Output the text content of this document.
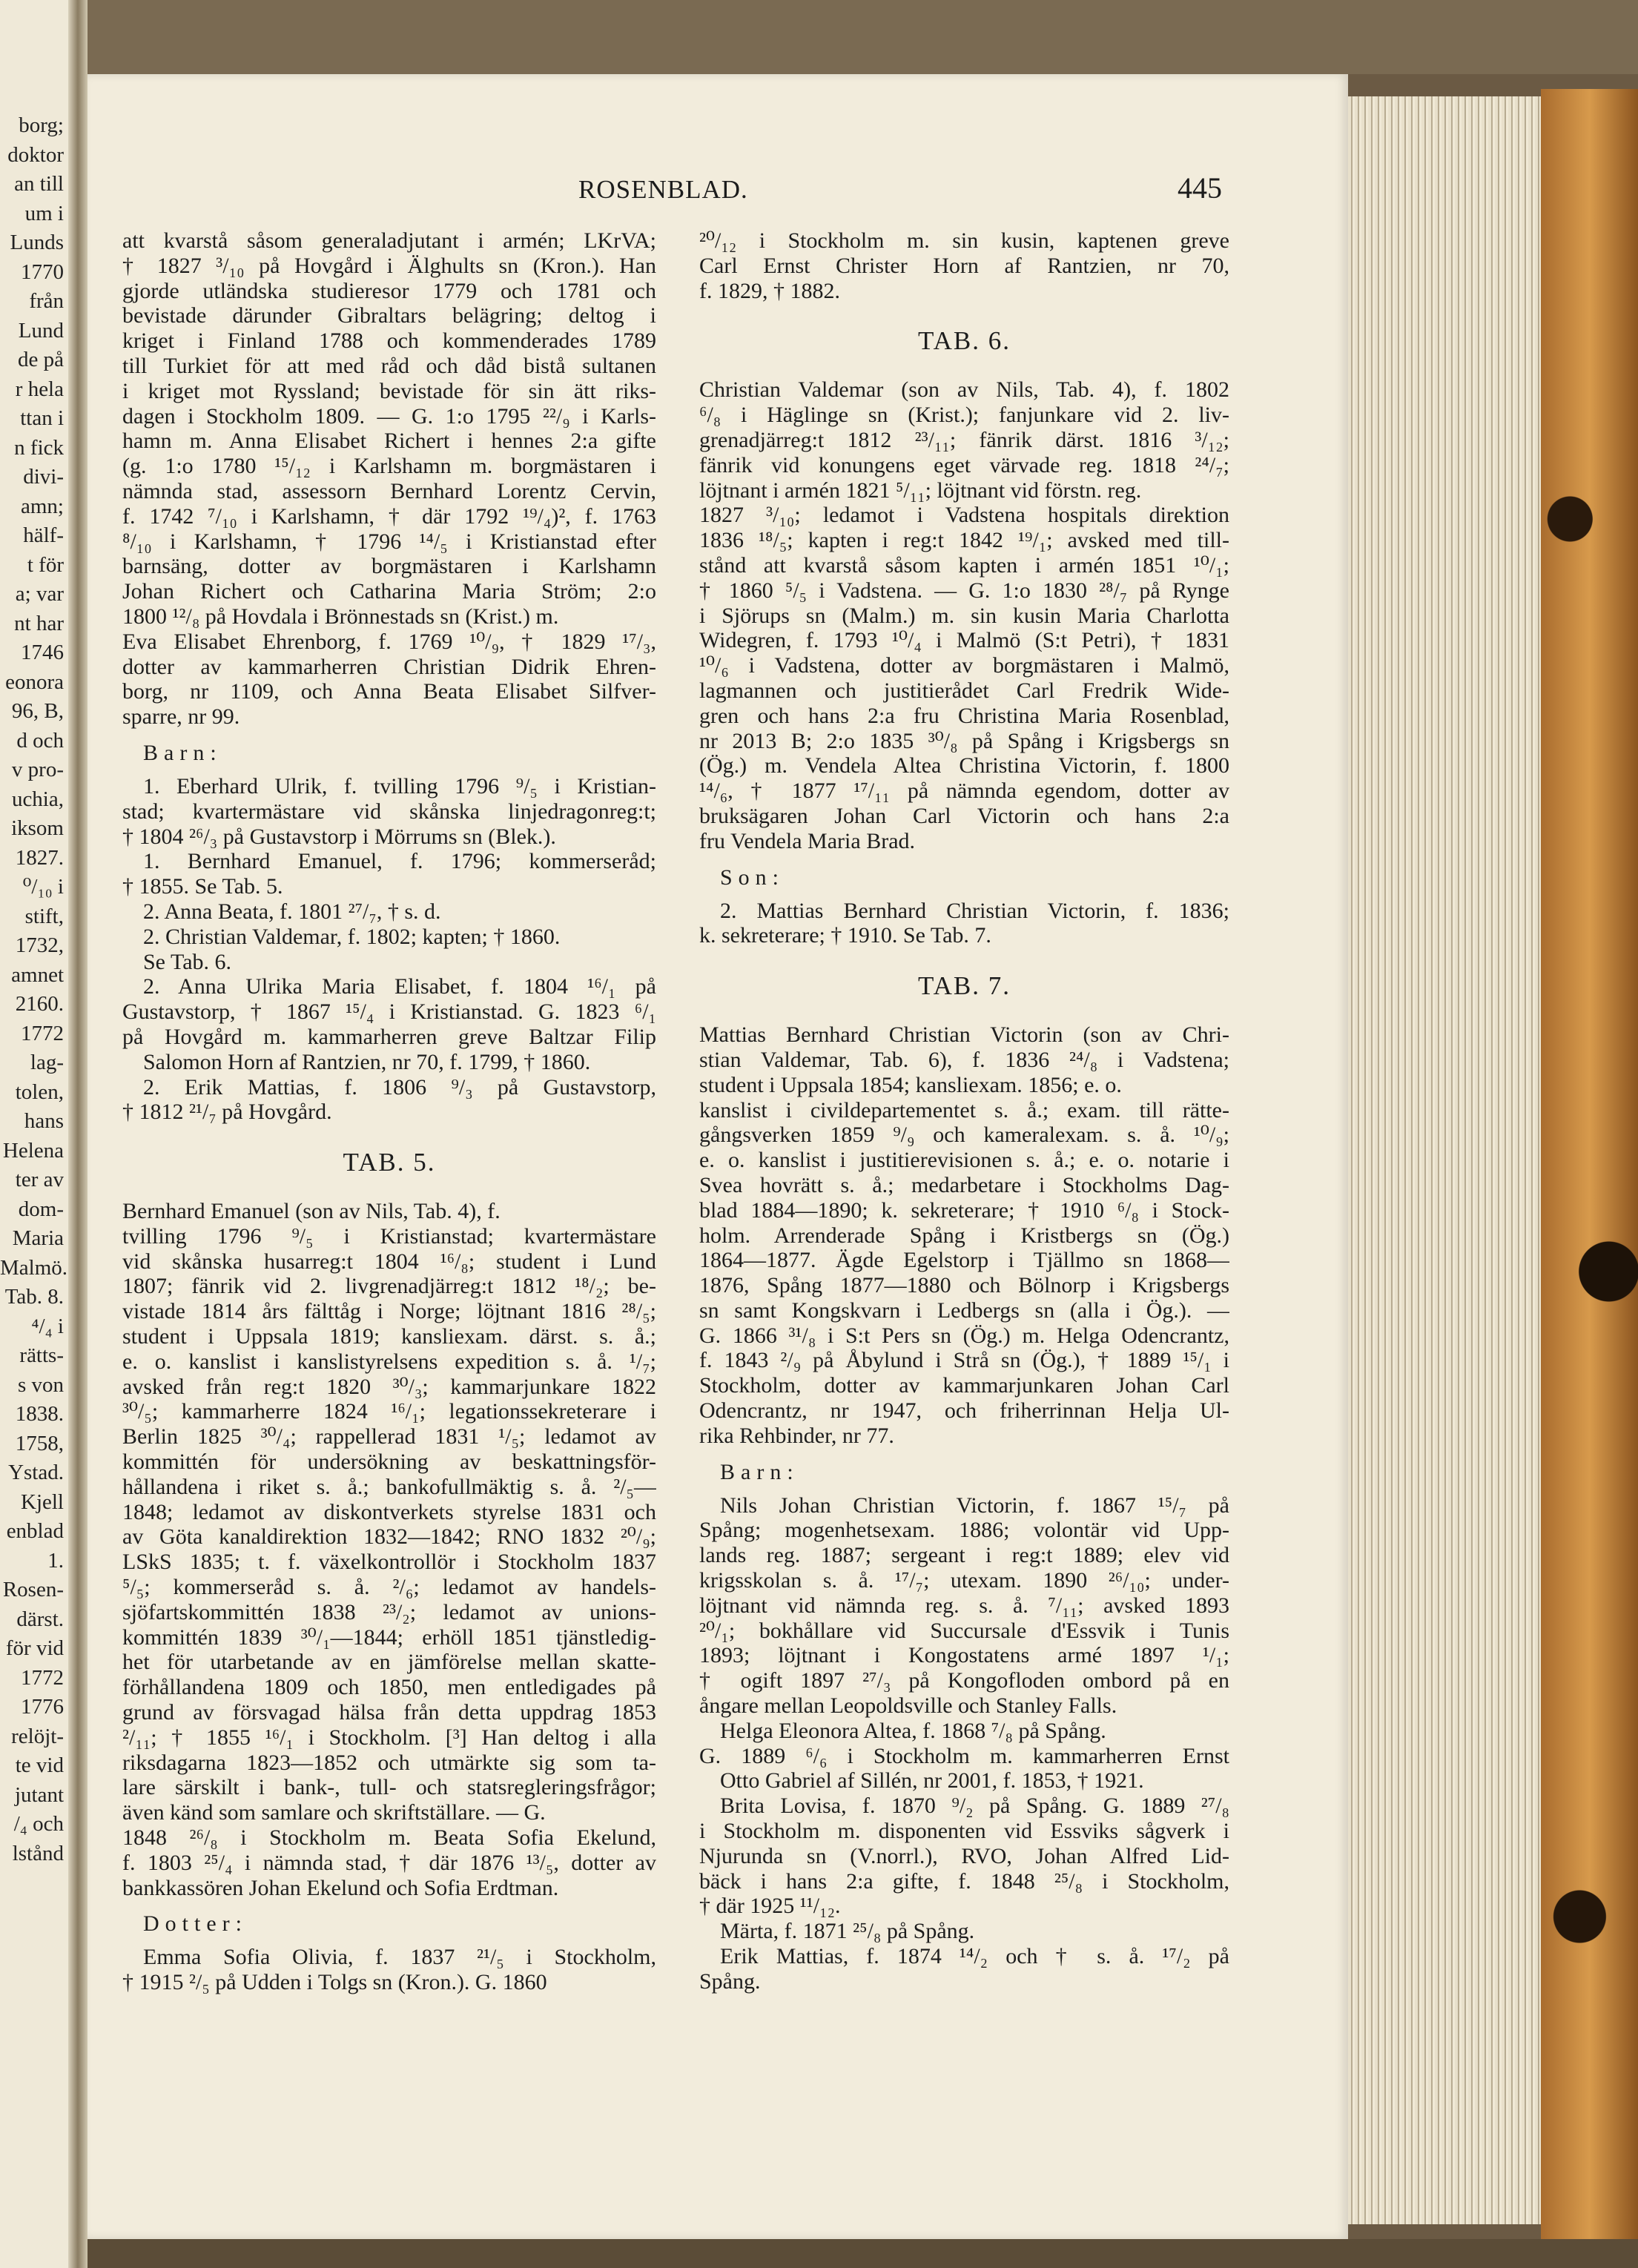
borg;
doktor
an till
um i
Lunds
1770
från
Lund
de på
r hela
ttan i
n fick
divi-
amn;
hälf-
t för
a; var
nt har
1746
eonora
96, B,
d och
v pro-
uchia,
iksom
1827.
⁰/₁₀ i
stift,
1732,
amnet
2160.
1772
lag-
tolen,
hans
Helena
ter av
dom-
Maria
Malmö.
Tab. 8.
⁴/₄ i
rätts-
s von
1838.
1758,
Ystad.
Kjell
enblad
1.
Rosen-
därst.
för vid
1772
1776
relöjt-
te vid
jutant
/₄ och
lstånd
ROSENBLAD.	445
att kvarstå såsom generaladjutant i armén; LKrVA;
† 1827 ³/₁₀ på Hovgård i Älghults sn (Kron.). Han
gjorde utländska studieresor 1779 och 1781 och
bevistade därunder Gibraltars belägring; deltog i
kriget i Finland 1788 och kommenderades 1789
till Turkiet för att med råd och dåd bistå sultanen
i kriget mot Ryssland; bevistade för sin ätt riks-
dagen i Stockholm 1809. — G. 1:o 1795 ²²/₉ i Karls-
hamn m. Anna Elisabet Richert i hennes 2:a gifte
(g. 1:o 1780 ¹⁵/₁₂ i Karlshamn m. borgmästaren i
nämnda stad, assessorn Bernhard Lorentz Cervin,
f. 1742 ⁷/₁₀ i Karlshamn, † där 1792 ¹⁹/₄)², f. 1763
⁸/₁₀ i Karlshamn, † 1796 ¹⁴/₅ i Kristianstad efter
barnsäng, dotter av borgmästaren i Karlshamn
Johan Richert och Catharina Maria Ström; 2:o
1800 ¹²/₈ på Hovdala i Brönnestads sn (Krist.) m.
Eva Elisabet Ehrenborg, f. 1769 ¹⁰/₉, † 1829 ¹⁷/₃,
dotter av kammarherren Christian Didrik Ehren-
borg, nr 1109, och Anna Beata Elisabet Silfver-
sparre, nr 99.
Barn:
1. Eberhard Ulrik, f. tvilling 1796 ⁹/₅ i Kristian-
stad; kvartermästare vid skånska linjedragonreg:t;
† 1804 ²⁶/₃ på Gustavstorp i Mörrums sn (Blek.).
1. Bernhard Emanuel, f. 1796; kommerseråd;
† 1855. Se Tab. 5.
2. Anna Beata, f. 1801 ²⁷/₇, † s. d.
2. Christian Valdemar, f. 1802; kapten; † 1860.
Se Tab. 6.
2. Anna Ulrika Maria Elisabet, f. 1804 ¹⁶/₁ på
Gustavstorp, † 1867 ¹⁵/₄ i Kristianstad. G. 1823 ⁶/₁
på Hovgård m. kammarherren greve Baltzar Filip
Salomon Horn af Rantzien, nr 70, f. 1799, † 1860.
2. Erik Mattias, f. 1806 ⁹/₃ på Gustavstorp,
† 1812 ²¹/₇ på Hovgård.
TAB. 5.
Bernhard Emanuel (son av Nils, Tab. 4), f.
tvilling 1796 ⁹/₅ i Kristianstad; kvartermästare
vid skånska husarreg:t 1804 ¹⁶/₈; student i Lund
1807; fänrik vid 2. livgrenadjärreg:t 1812 ¹⁸/₂; be-
vistade 1814 års fälttåg i Norge; löjtnant 1816 ²⁸/₅;
student i Uppsala 1819; kansliexam. därst. s. å.;
e. o. kanslist i kanslistyrelsens expedition s. å. ¹/₇;
avsked från reg:t 1820 ³⁰/₃; kammarjunkare 1822
³⁰/₅; kammarherre 1824 ¹⁶/₁; legationssekreterare i
Berlin 1825 ³⁰/₄; rappellerad 1831 ¹/₅; ledamot av
kommittén för undersökning av beskattningsför-
hållandena i riket s. å.; bankofullmäktig s. å. ²/₅—
1848; ledamot av diskontverkets styrelse 1831 och
av Göta kanaldirektion 1832—1842; RNO 1832 ²⁰/₉;
LSkS 1835; t. f. växelkontrollör i Stockholm 1837
⁵/₅; kommerseråd s. å. ²/₆; ledamot av handels-
sjöfartskommittén 1838 ²³/₂; ledamot av unions-
kommittén 1839 ³⁰/₁—1844; erhöll 1851 tjänstledig-
het för utarbetande av en jämförelse mellan skatte-
förhållandena 1809 och 1850, men entledigades på
grund av försvagad hälsa från detta uppdrag 1853
²/₁₁; † 1855 ¹⁶/₁ i Stockholm. [³] Han deltog i alla
riksdagarna 1823—1852 och utmärkte sig som ta-
lare särskilt i bank-, tull- och statsregleringsfrågor;
även känd som samlare och skriftställare. — G.
1848 ²⁶/₈ i Stockholm m. Beata Sofia Ekelund,
f. 1803 ²⁵/₄ i nämnda stad, † där 1876 ¹³/₅, dotter av
bankkassören Johan Ekelund och Sofia Erdtman.
Dotter:
Emma Sofia Olivia, f. 1837 ²¹/₅ i Stockholm,
† 1915 ²/₅ på Udden i Tolgs sn (Kron.). G. 1860
²⁰/₁₂ i Stockholm m. sin kusin, kaptenen greve
Carl Ernst Christer Horn af Rantzien, nr 70,
f. 1829, † 1882.
TAB. 6.
Christian Valdemar (son av Nils, Tab. 4), f. 1802
⁶/₈ i Häglinge sn (Krist.); fanjunkare vid 2. liv-
grenadjärreg:t 1812 ²³/₁₁; fänrik därst. 1816 ³/₁₂;
fänrik vid konungens eget värvade reg. 1818 ²⁴/₇;
löjtnant i armén 1821 ⁵/₁₁; löjtnant vid förstn. reg.
1827 ³/₁₀; ledamot i Vadstena hospitals direktion
1836 ¹⁸/₅; kapten i reg:t 1842 ¹⁹/₁; avsked med till-
stånd att kvarstå såsom kapten i armén 1851 ¹⁰/₁;
† 1860 ⁵/₅ i Vadstena. — G. 1:o 1830 ²⁸/₇ på Rynge
i Sjörups sn (Malm.) m. sin kusin Maria Charlotta
Widegren, f. 1793 ¹⁰/₄ i Malmö (S:t Petri), † 1831
¹⁰/₆ i Vadstena, dotter av borgmästaren i Malmö,
lagmannen och justitierådet Carl Fredrik Wide-
gren och hans 2:a fru Christina Maria Rosenblad,
nr 2013 B; 2:o 1835 ³⁰/₈ på Spång i Krigsbergs sn
(Ög.) m. Vendela Altea Christina Victorin, f. 1800
¹⁴/₆, † 1877 ¹⁷/₁₁ på nämnda egendom, dotter av
bruksägaren Johan Carl Victorin och hans 2:a
fru Vendela Maria Brad.
Son:
2. Mattias Bernhard Christian Victorin, f. 1836;
k. sekreterare; † 1910. Se Tab. 7.
TAB. 7.
Mattias Bernhard Christian Victorin (son av Chri-
stian Valdemar, Tab. 6), f. 1836 ²⁴/₈ i Vadstena;
student i Uppsala 1854; kansliexam. 1856; e. o.
kanslist i civildepartementet s. å.; exam. till rätte-
gångsverken 1859 ⁹/₉ och kameralexam. s. å. ¹⁰/₉;
e. o. kanslist i justitierevisionen s. å.; e. o. notarie i
Svea hovrätt s. å.; medarbetare i Stockholms Dag-
blad 1884—1890; k. sekreterare; † 1910 ⁶/₈ i Stock-
holm. Arrenderade Spång i Kristbergs sn (Ög.)
1864—1877. Ägde Egelstorp i Tjällmo sn 1868—
1876, Spång 1877—1880 och Bölnorp i Krigsbergs
sn samt Kongskvarn i Ledbergs sn (alla i Ög.). —
G. 1866 ³¹/₈ i S:t Pers sn (Ög.) m. Helga Odencrantz,
f. 1843 ²/₉ på Åbylund i Strå sn (Ög.), † 1889 ¹⁵/₁ i
Stockholm, dotter av kammarjunkaren Johan Carl
Odencrantz, nr 1947, och friherrinnan Helja Ul-
rika Rehbinder, nr 77.
Barn:
Nils Johan Christian Victorin, f. 1867 ¹⁵/₇ på
Spång; mogenhetsexam. 1886; volontär vid Upp-
lands reg. 1887; sergeant i reg:t 1889; elev vid
krigsskolan s. å. ¹⁷/₇; utexam. 1890 ²⁶/₁₀; under-
löjtnant vid nämnda reg. s. å. ⁷/₁₁; avsked 1893
²⁰/₁; bokhållare vid Succursale d'Essvik i Tunis
1893; löjtnant i Kongostatens armé 1897 ¹/₁;
† ogift 1897 ²⁷/₃ på Kongofloden ombord på en
ångare mellan Leopoldsville och Stanley Falls.
Helga Eleonora Altea, f. 1868 ⁷/₈ på Spång.
G. 1889 ⁶/₆ i Stockholm m. kammarherren Ernst
Otto Gabriel af Sillén, nr 2001, f. 1853, † 1921.
Brita Lovisa, f. 1870 ⁹/₂ på Spång. G. 1889 ²⁷/₈
i Stockholm m. disponenten vid Essviks sågverk i
Njurunda sn (V.norrl.), RVO, Johan Alfred Lid-
bäck i hans 2:a gifte, f. 1848 ²⁵/₈ i Stockholm,
† där 1925 ¹¹/₁₂.
Märta, f. 1871 ²⁵/₈ på Spång.
Erik Mattias, f. 1874 ¹⁴/₂ och † s. å. ¹⁷/₂ på
Spång.
